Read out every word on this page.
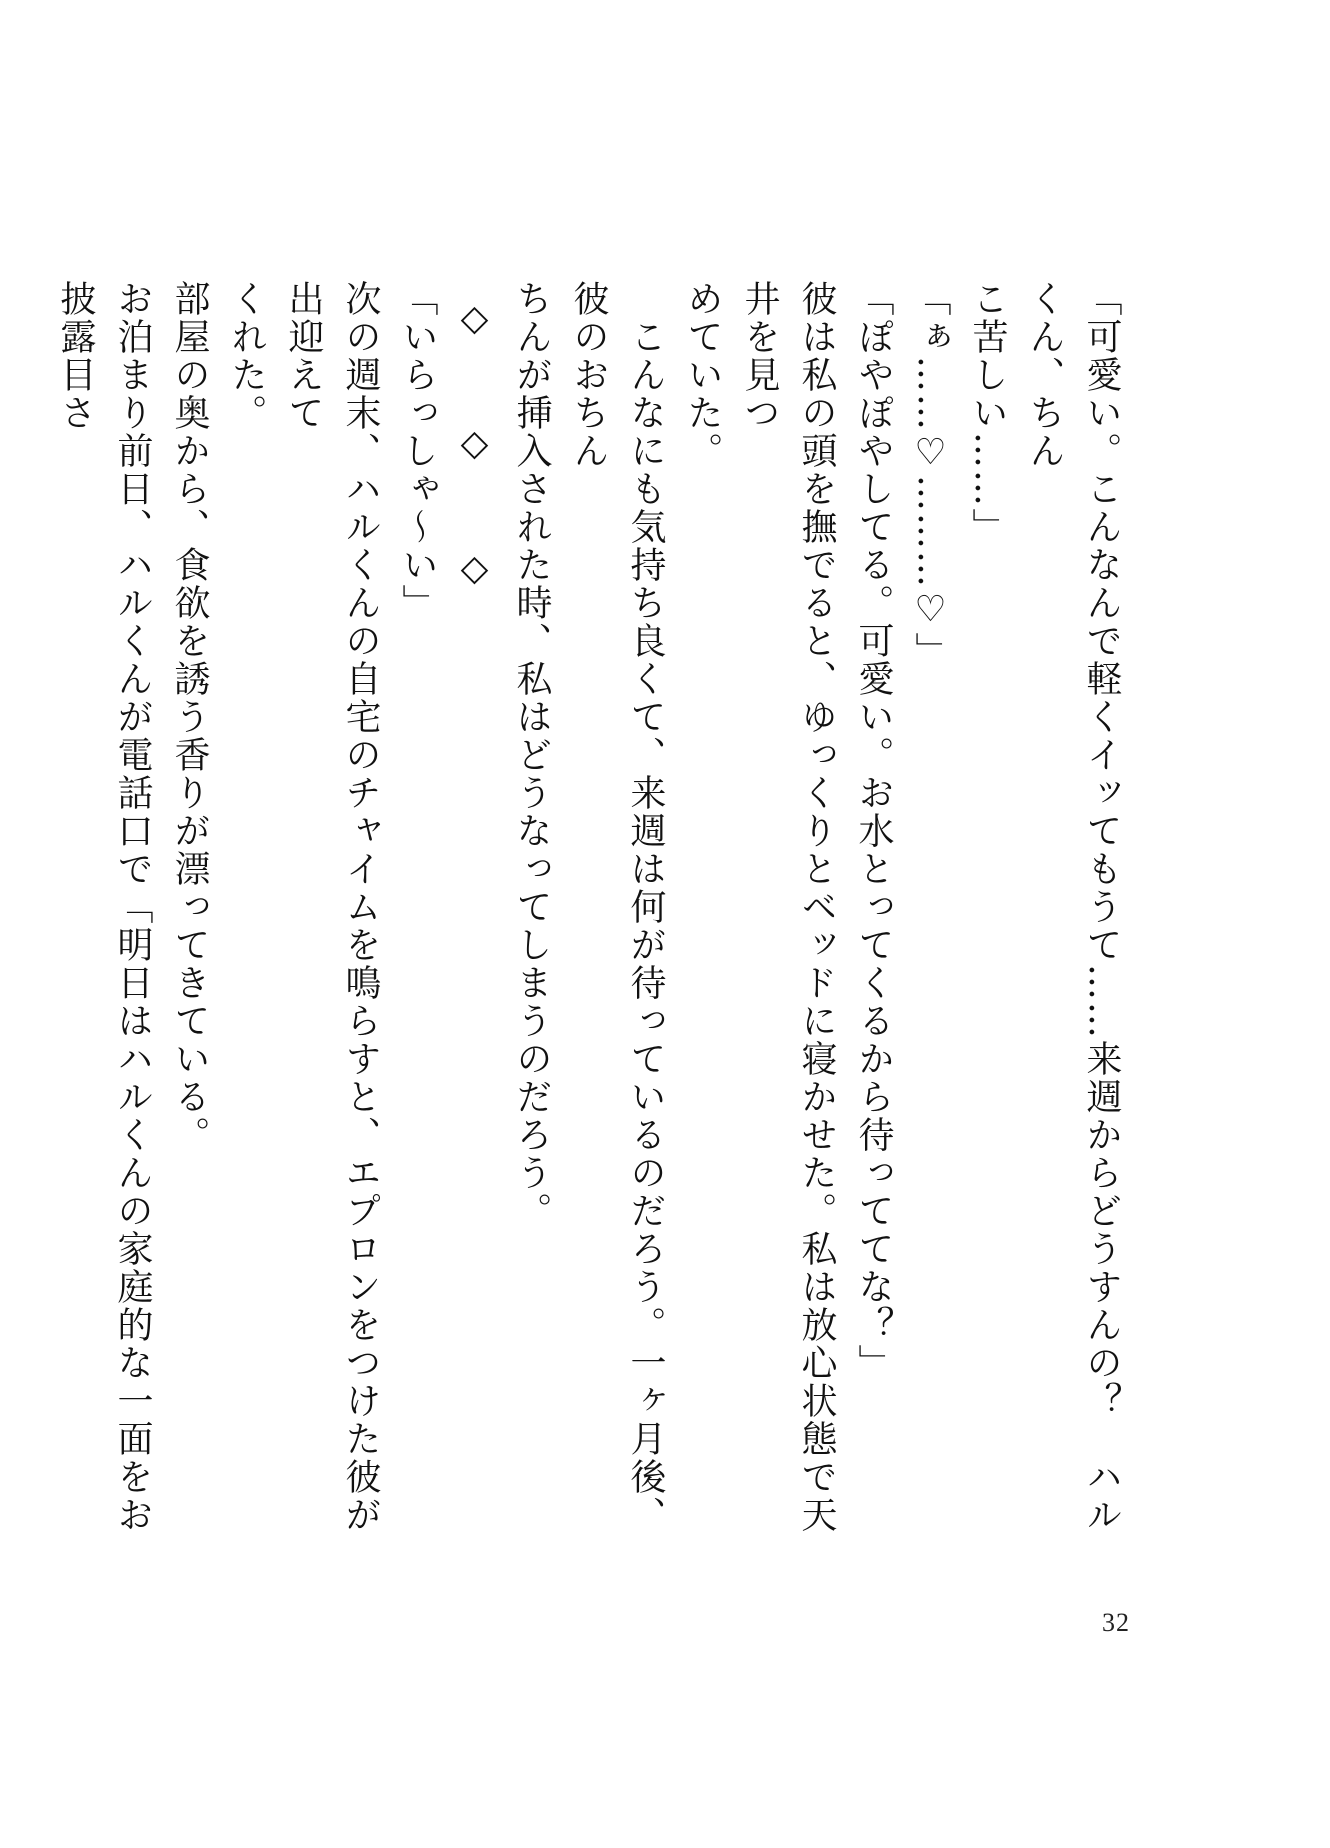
「可愛い。こんなんで軽くイッてもうて……来週からどうすんの？　ハルくん、ちん
こ苦しい……」
「ぁ……♡………♡」
「ぽやぽやしてる。可愛い。お水とってくるから待っててな？」
彼は私の頭を撫でると、ゆっくりとベッドに寝かせた。私は放心状態で天井を見つ
めていた。
　こんなにも気持ち良くて、来週は何が待っているのだろう。一ヶ月後、彼のおちん
ちんが挿入された時、私はどうなってしまうのだろう。
◇　◇　◇
「いらっしゃ〜い」
次の週末、ハルくんの自宅のチャイムを鳴らすと、エプロンをつけた彼が出迎えて
くれた。
部屋の奥から、食欲を誘う香りが漂ってきている。
お泊まり前日、ハルくんが電話口で「明日はハルくんの家庭的な一面をお披露目さ
32
